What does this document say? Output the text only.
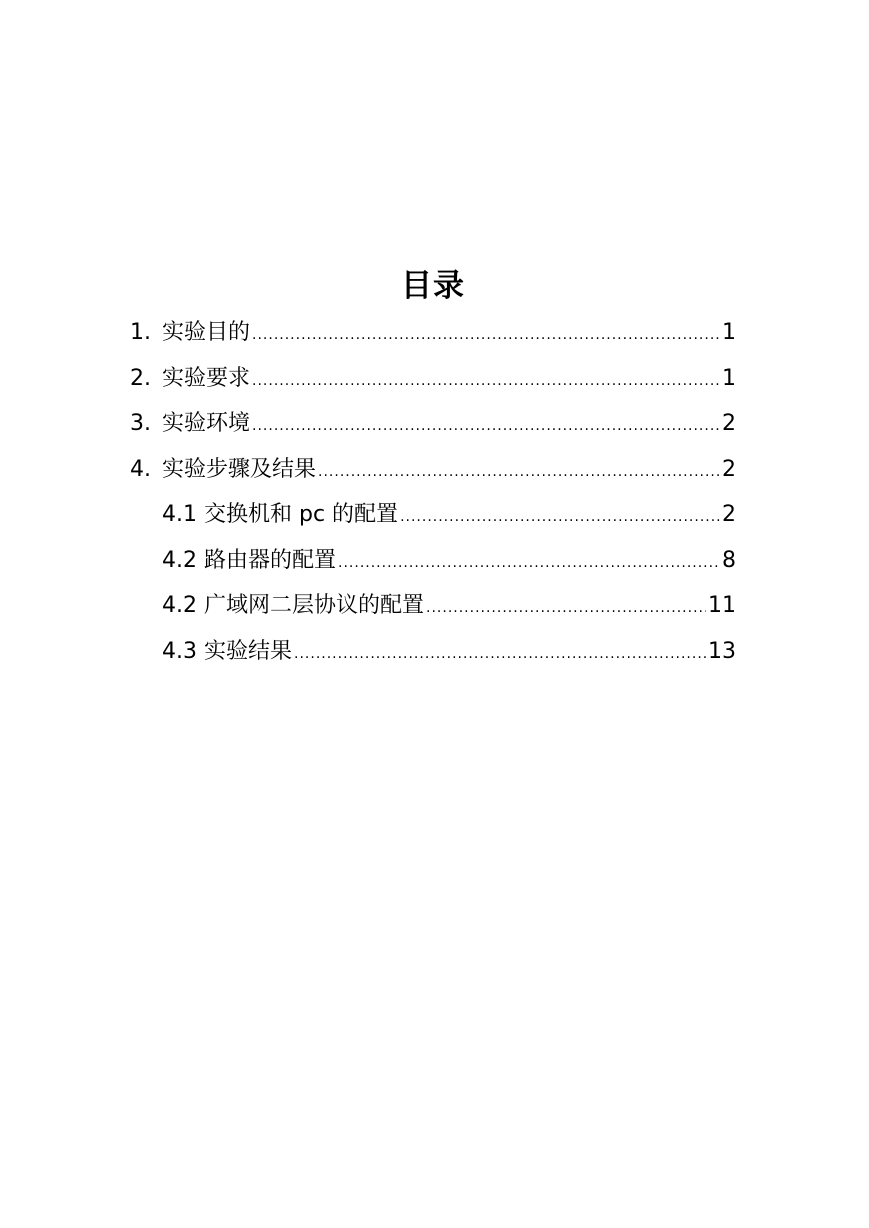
目录
1. 实验目的 .....	1
2. 实验要求 .....	1
3. 实验环境 .....	2
4. 实验步骤及结果 .....	2
4.1 交换机和 pc 的配置 .....	2
4.2 路由器的配置 .....	8
4.2 广域网二层协议的配置 .....	11
4.3 实验结果 .....	13
